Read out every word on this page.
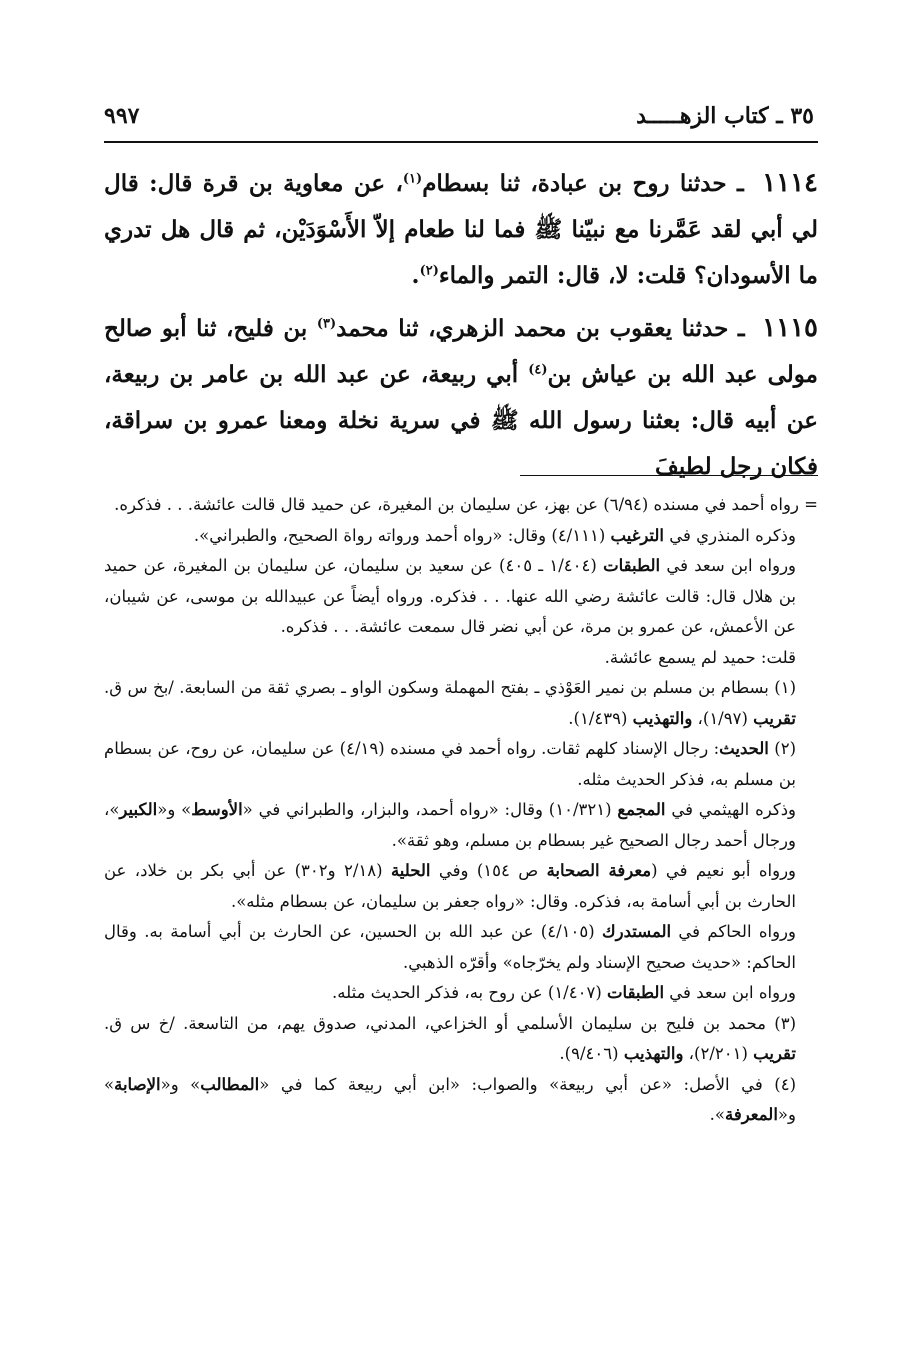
٣٥ ـ كتاب الزهـــــد
٩٩٧

١١١٤ ـ حدثنا روح بن عبادة، ثنا بسطام$^{(١)}$، عن معاوية بن قرة قال: قال لي أبي لقد عَمَّرنا مع نبيّنا ﷺ فما لنا طعام إلاّ الأَسْوَدَيْن، ثم قال هل تدري ما الأسودان؟ قلت: لا، قال: التمر والماء$^{(٢)}$.

١١١٥ ـ حدثنا يعقوب بن محمد الزهري، ثنا محمد$^{(٣)}$ بن فليح، ثنا أبو صالح مولى عبد الله بن عياش بن$^{(٤)}$ أبي ربيعة، عن عبد الله بن عامر بن ربيعة، عن أبيه قال: بعثنا رسول الله ﷺ في سرية نخلة ومعنا عمرو بن سراقة، فكان رجل لطيفَ

= رواه أحمد في مسنده (٦/٩٤) عن بهز، عن سليمان بن المغيرة، عن حميد قال قالت عائشة. . . فذكره.

وذكره المنذري في الترغيب (٤/١١١) وقال: «رواه أحمد ورواته رواة الصحيح، والطبراني».

ورواه ابن سعد في الطبقات (١/٤٠٤ ـ ٤٠٥) عن سعيد بن سليمان، عن سليمان بن المغيرة، عن حميد بن هلال قال: قالت عائشة رضي الله عنها. . . فذكره. ورواه أيضاً عن عبيدالله بن موسى، عن شيبان، عن الأعمش، عن عمرو بن مرة، عن أبي نضر قال سمعت عائشة. . . فذكره.

قلت: حميد لم يسمع عائشة.

(١) بسطام بن مسلم بن نمير العَوْذي ـ بفتح المهملة وسكون الواو ـ بصري ثقة من السابعة. /بخ س ق. تقريب (١/٩٧)، والتهذيب (١/٤٣٩).

(٢) الحديث: رجال الإسناد كلهم ثقات. رواه أحمد في مسنده (٤/١٩) عن سليمان، عن روح، عن بسطام بن مسلم به، فذكر الحديث مثله.

وذكره الهيثمي في المجمع (١٠/٣٢١) وقال: «رواه أحمد، والبزار، والطبراني في «الأوسط» و«الكبير»، ورجال أحمد رجال الصحيح غير بسطام بن مسلم، وهو ثقة».

ورواه أبو نعيم في (معرفة الصحابة ص ١٥٤) وفي الحلية (٢/١٨ و٣٠٢) عن أبي بكر بن خلاد، عن الحارث بن أبي أسامة به، فذكره. وقال: «رواه جعفر بن سليمان، عن بسطام مثله».

ورواه الحاكم في المستدرك (٤/١٠٥) عن عبد الله بن الحسين، عن الحارث بن أبي أسامة به. وقال الحاكم: «حديث صحيح الإسناد ولم يخرّجاه» وأقرّه الذهبي.

ورواه ابن سعد في الطبقات (١/٤٠٧) عن روح به، فذكر الحديث مثله.

(٣) محمد بن فليح بن سليمان الأسلمي أو الخزاعي، المدني، صدوق يهم، من التاسعة. /خ س ق. تقريب (٢/٢٠١)، والتهذيب (٩/٤٠٦).

(٤) في الأصل: «عن أبي ربيعة» والصواب: «ابن أبي ربيعة كما في «المطالب» و«الإصابة» و«المعرفة».
